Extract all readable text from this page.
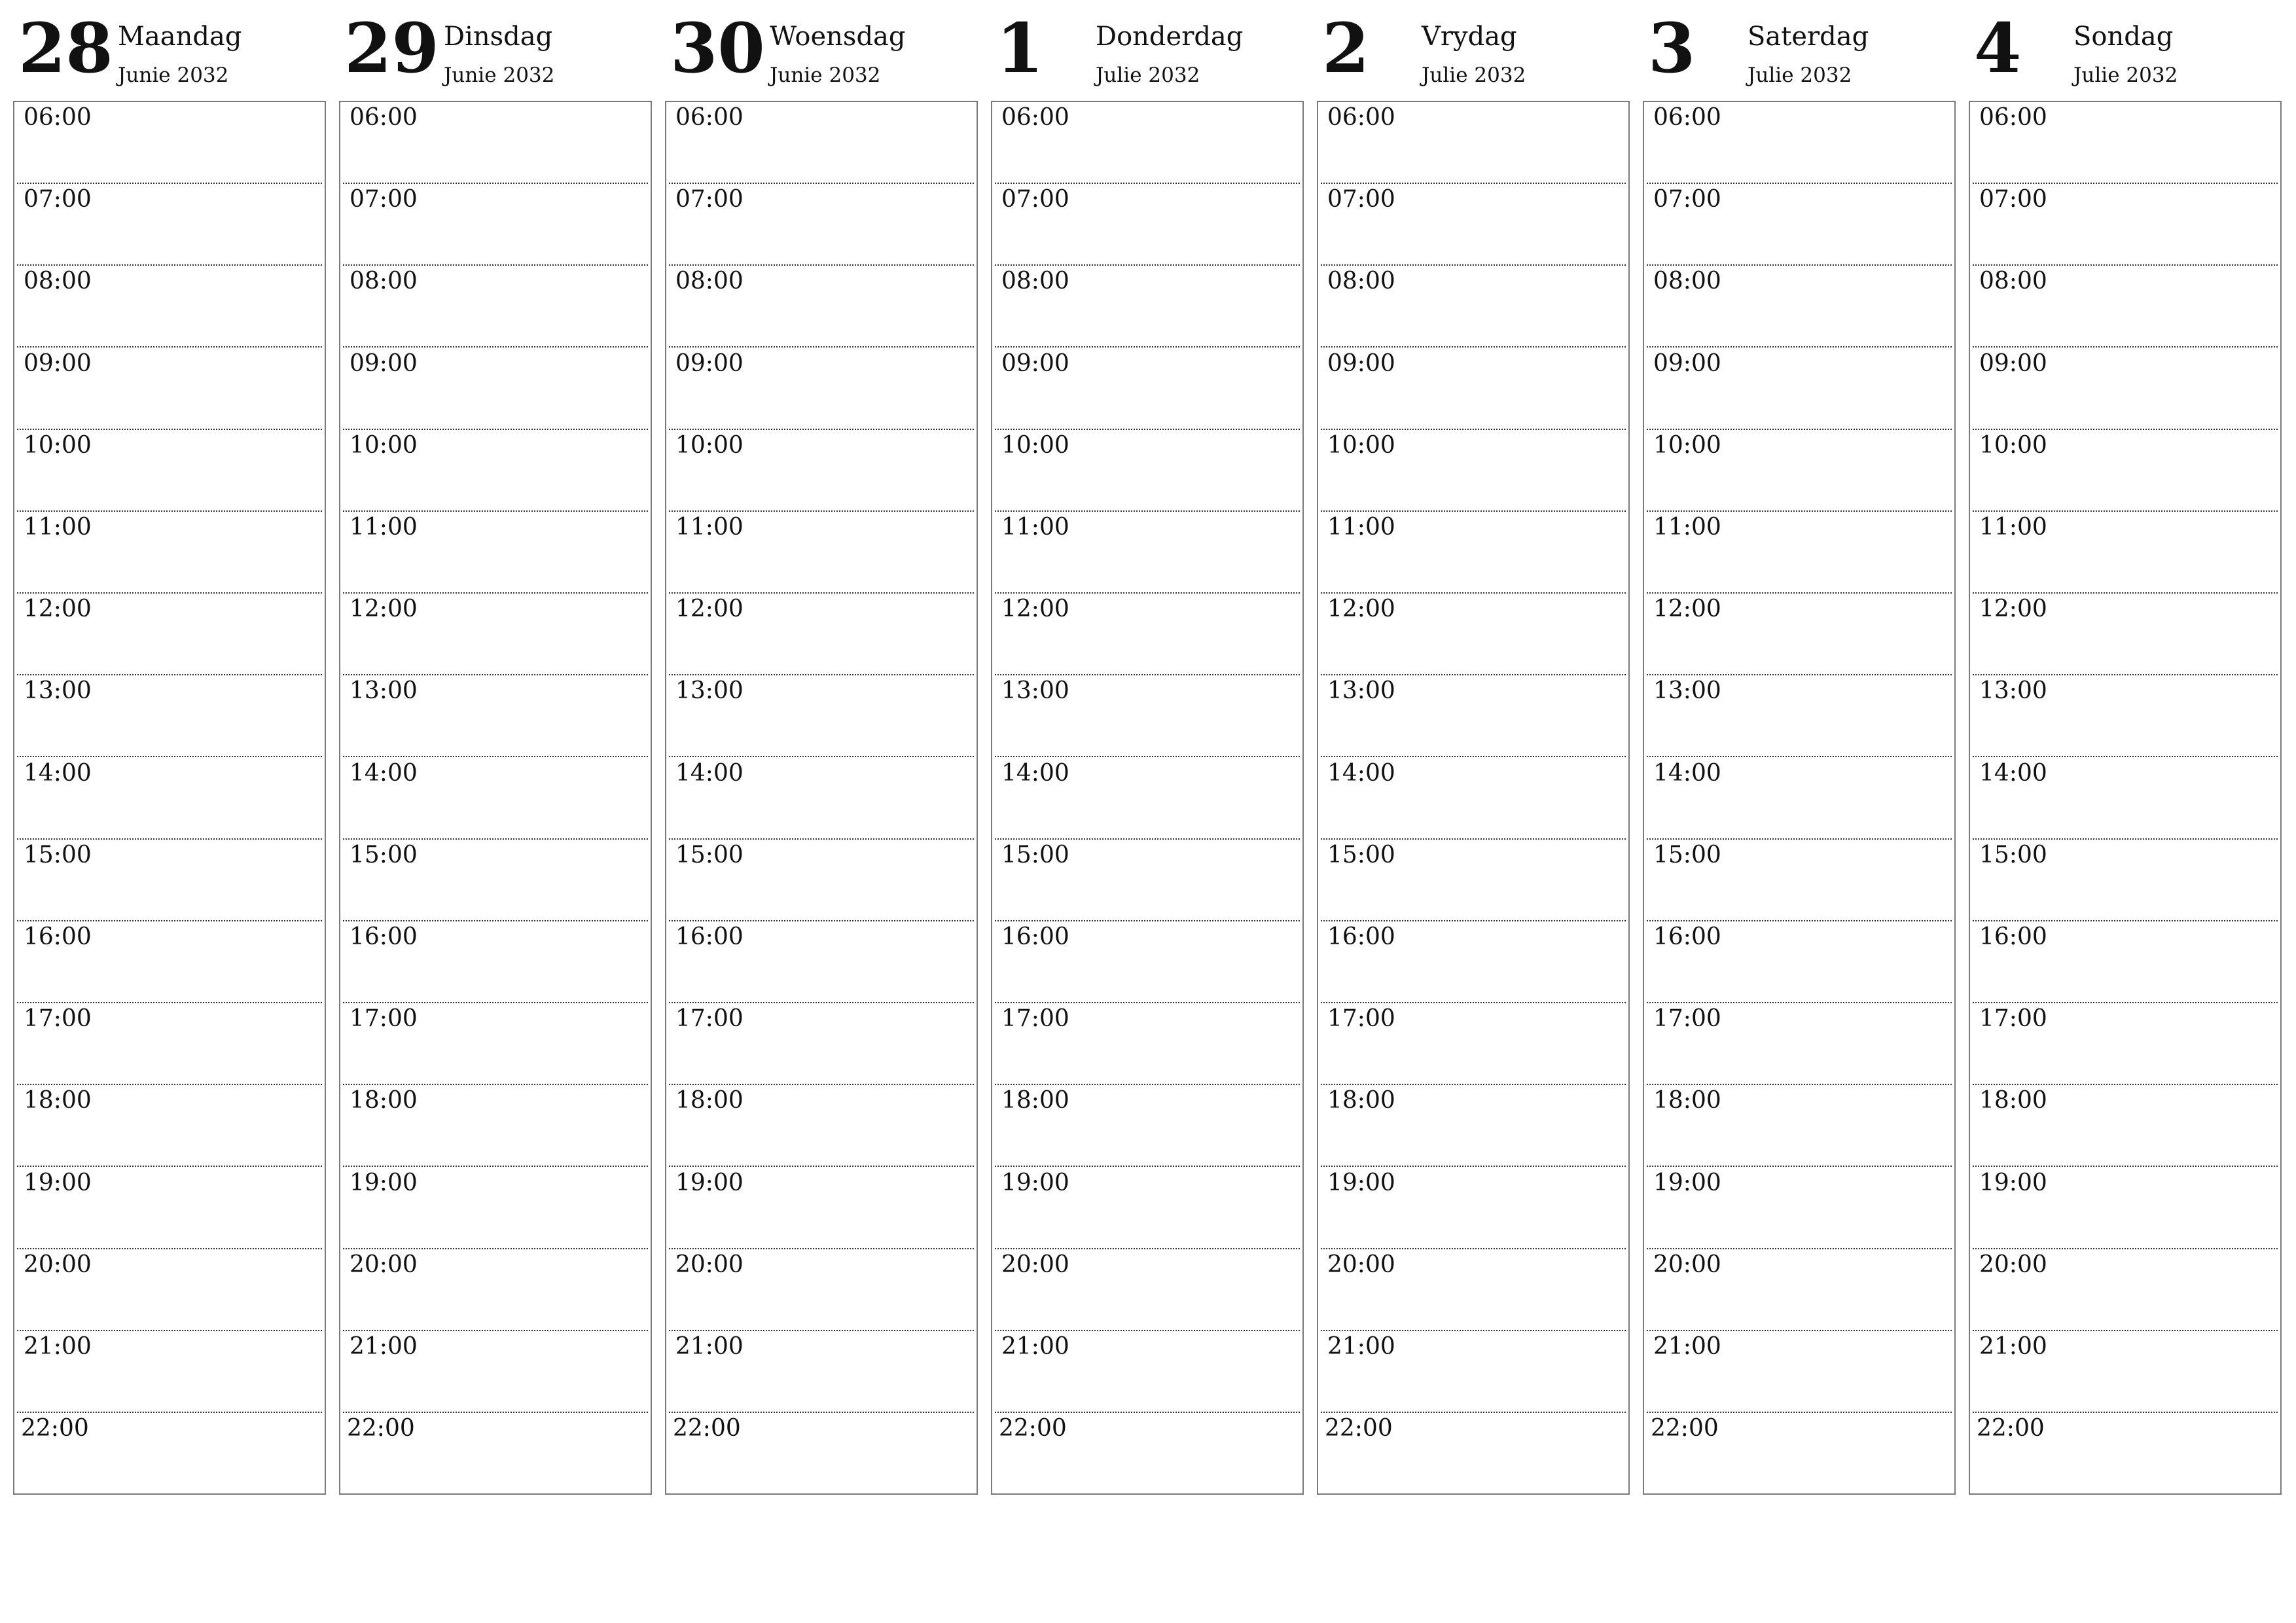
28 Maandag
Junie 2032
06:00
07:00
08:00
09:00
10:00
11:00
12:00
13:00
14:00
15:00
16:00
17:00
18:00
19:00
20:00
21:00
22:00
29 Dinsdag
Junie 2032
06:00
07:00
08:00
09:00
10:00
11:00
12:00
13:00
14:00
15:00
16:00
17:00
18:00
19:00
20:00
21:00
22:00
30 Woensdag
Junie 2032
06:00
07:00
08:00
09:00
10:00
11:00
12:00
13:00
14:00
15:00
16:00
17:00
18:00
19:00
20:00
21:00
22:00
1 Donderdag
Julie 2032
06:00
07:00
08:00
09:00
10:00
11:00
12:00
13:00
14:00
15:00
16:00
17:00
18:00
19:00
20:00
21:00
22:00
2 Vrydag
Julie 2032
06:00
07:00
08:00
09:00
10:00
11:00
12:00
13:00
14:00
15:00
16:00
17:00
18:00
19:00
20:00
21:00
22:00
3 Saterdag
Julie 2032
06:00
07:00
08:00
09:00
10:00
11:00
12:00
13:00
14:00
15:00
16:00
17:00
18:00
19:00
20:00
21:00
22:00
4 Sondag
Julie 2032
06:00
07:00
08:00
09:00
10:00
11:00
12:00
13:00
14:00
15:00
16:00
17:00
18:00
19:00
20:00
21:00
22:00
